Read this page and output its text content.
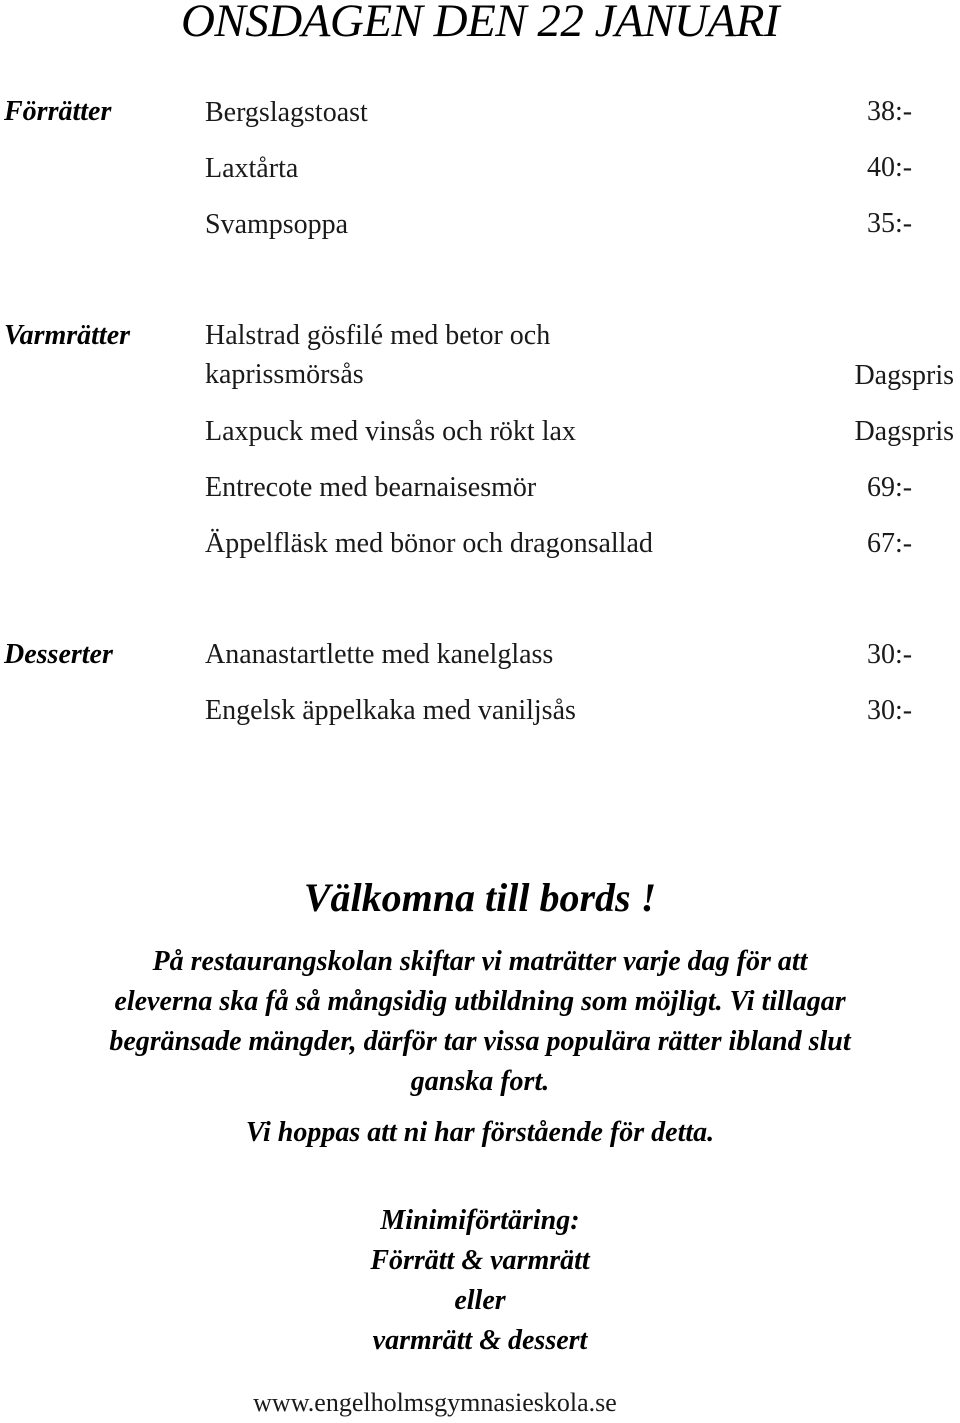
ONSDAGEN DEN 22 JANUARI
Förrätter	Bergslagstoast	38:-
Laxtårta	40:-
Svampsoppa	35:-
Varmrätter	Halstrad gösfilé med betor och kaprissmörsås	Dagspris
Laxpuck med vinsås och rökt lax	Dagspris
Entrecote med bearnaisesmör	69:-
Äppelfläsk med bönor och dragonsallad	67:-
Desserter	Ananastartlette med kanelglass	30:-
Engelsk äppelkaka med vaniljsås	30:-
Välkomna till bords !
På restaurangskolan skiftar vi maträtter varje dag för att
eleverna ska få så mångsidig utbildning som möjligt. Vi tillagar
begränsade mängder, därför tar vissa populära rätter ibland slut
ganska fort.
Vi hoppas att ni har förstående för detta.
Minimiförtäring:
Förrätt & varmrätt
eller
varmrätt & dessert
www.engelholmsgymnasieskola.se
